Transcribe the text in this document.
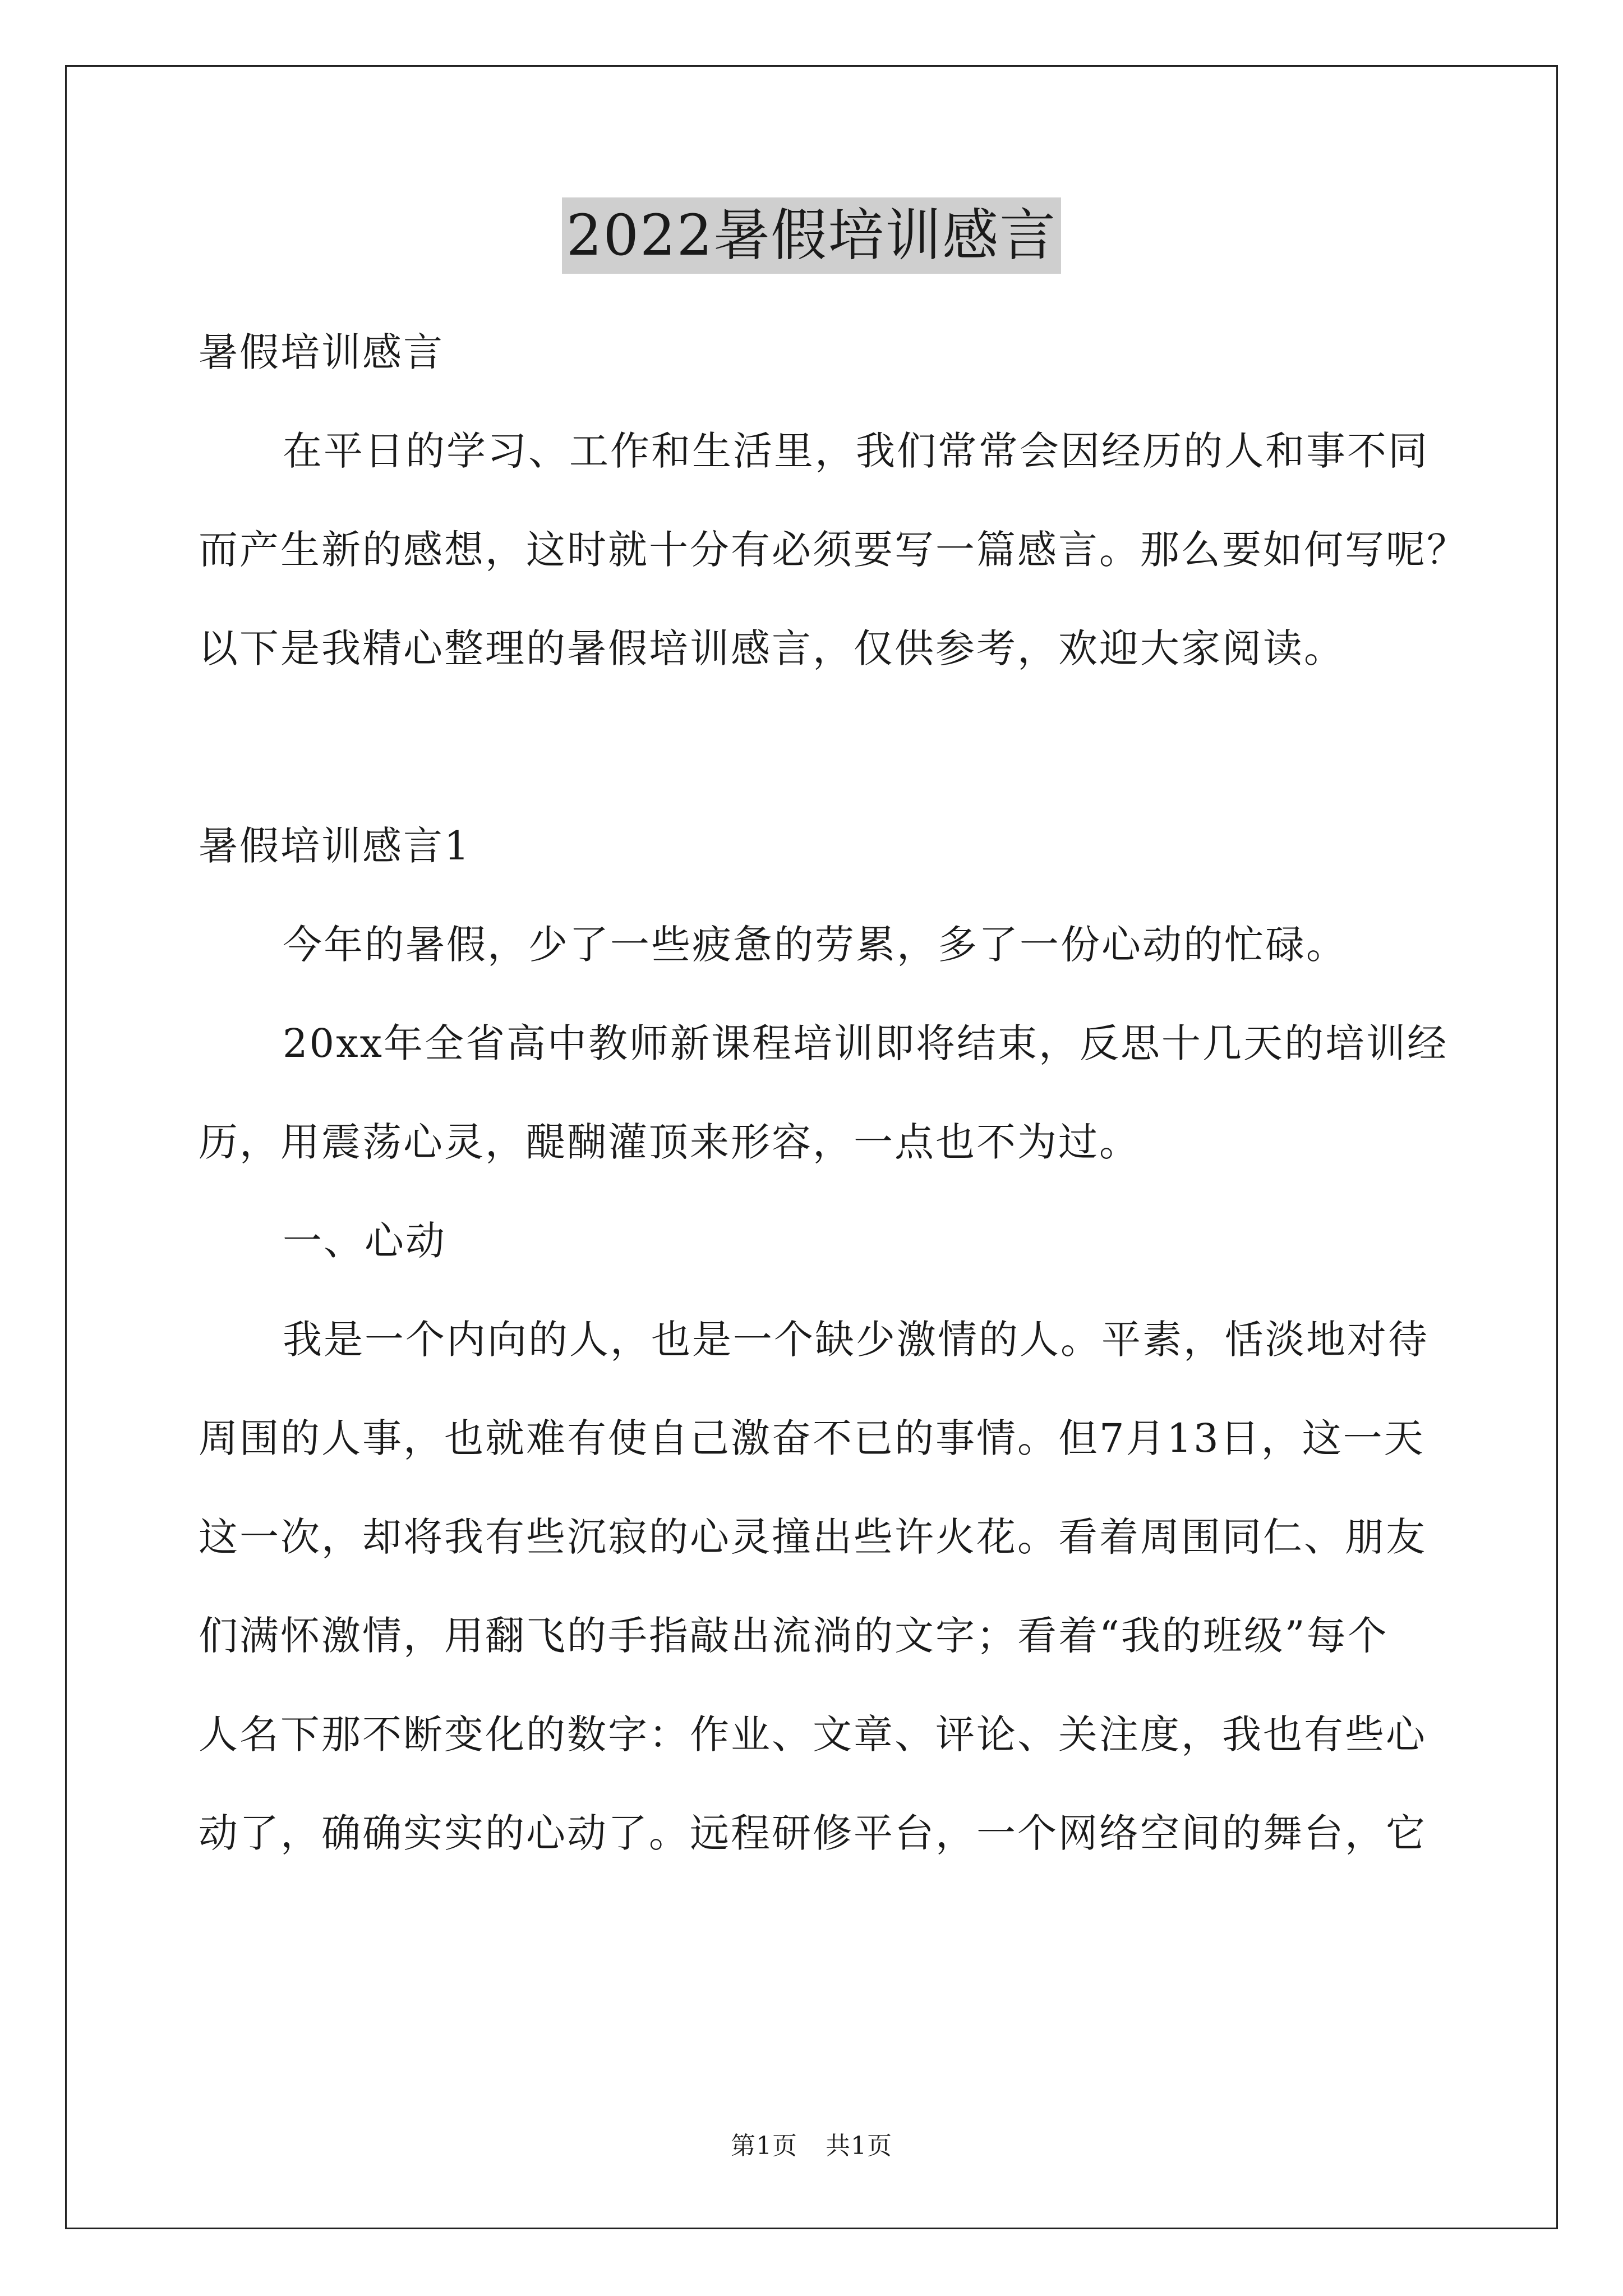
2022暑假培训感言
暑假培训感言
在平日的学习、工作和生活里，我们常常会因经历的人和事不同
而产生新的感想，这时就十分有必须要写一篇感言。那么要如何写呢？
以下是我精心整理的暑假培训感言，仅供参考，欢迎大家阅读。
暑假培训感言1
今年的暑假，少了一些疲惫的劳累，多了一份心动的忙碌。
20xx年全省高中教师新课程培训即将结束，反思十几天的培训经
历，用震荡心灵，醍醐灌顶来形容，一点也不为过。
一、心动
我是一个内向的人，也是一个缺少激情的人。平素，恬淡地对待
周围的人事，也就难有使自己激奋不已的事情。但7月13日，这一天
这一次，却将我有些沉寂的心灵撞出些许火花。看着周围同仁、朋友
们满怀激情，用翻飞的手指敲出流淌的文字；看着“我的班级”每个
人名下那不断变化的数字：作业、文章、评论、关注度，我也有些心
动了，确确实实的心动了。远程研修平台，一个网络空间的舞台，它
第1页 共1页
